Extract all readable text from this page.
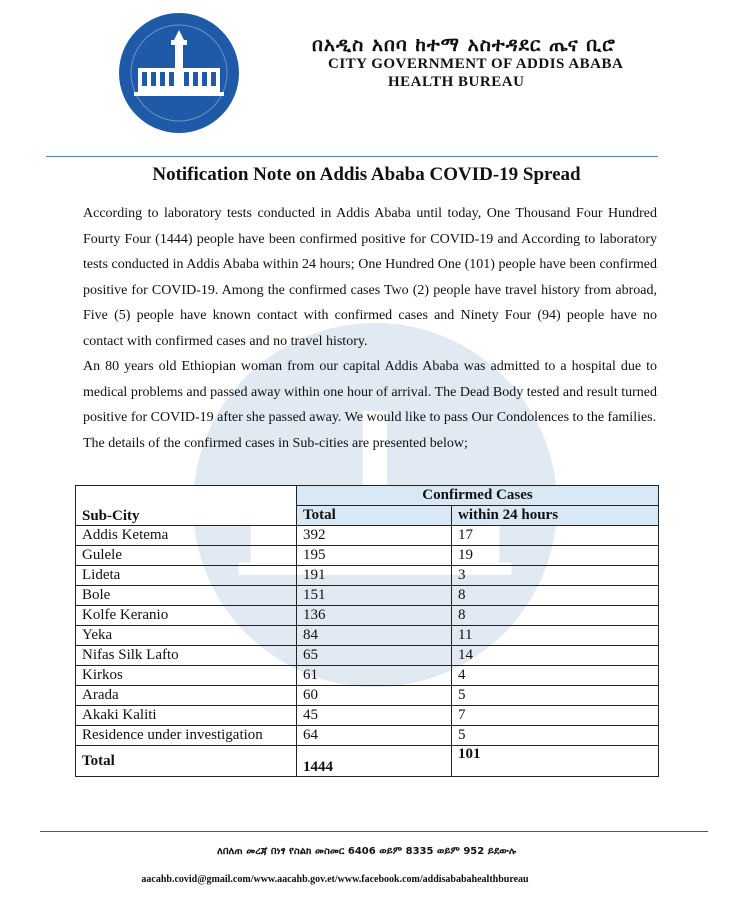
በአዲስ አበባ ከተማ አስተዳደር ጤና ቢሮ
CITY GOVERNMENT OF ADDIS ABABA
HEALTH BUREAU
Notification Note on Addis Ababa COVID-19 Spread

According to laboratory tests conducted in Addis Ababa until today, One Thousand Four Hundred Fourty Four (1444) people have been confirmed positive for COVID-19 and According to laboratory tests conducted in Addis Ababa within 24 hours; One Hundred One (101) people have been confirmed positive for COVID-19. Among the confirmed cases Two (2) people have travel history from abroad, Five (5) people have known contact with confirmed cases and Ninety Four (94) people have no contact with confirmed cases and no travel history.

An 80 years old Ethiopian woman from our capital Addis Ababa was admitted to a hospital due to medical problems and passed away within one hour of arrival. The Dead Body tested and result turned positive for COVID-19 after she passed away. We would like to pass Our Condolences to the families.

The details of the confirmed cases in Sub-cities are presented below;

Sub-City	Confirmed Cases	
	Total	within 24 hours
Addis Ketema	392	17
Gulele	195	19
Lideta	191	3
Bole	151	8
Kolfe Keranio	136	8
Yeka	84	11
Nifas Silk Lafto	65	14
Kirkos	61	4
Arada	60	5
Akaki Kaliti	45	7
Residence under investigation	64	5
Total	1444	101
ለበለጠ መረጃ በነፃ የስልክ መስመር 6406 ወይም 8335 ወይም 952 ይደውሉ
aacahb.covid@gmail.com/www.aacahb.gov.et/www.facebook.com/addisababahealthbureau
